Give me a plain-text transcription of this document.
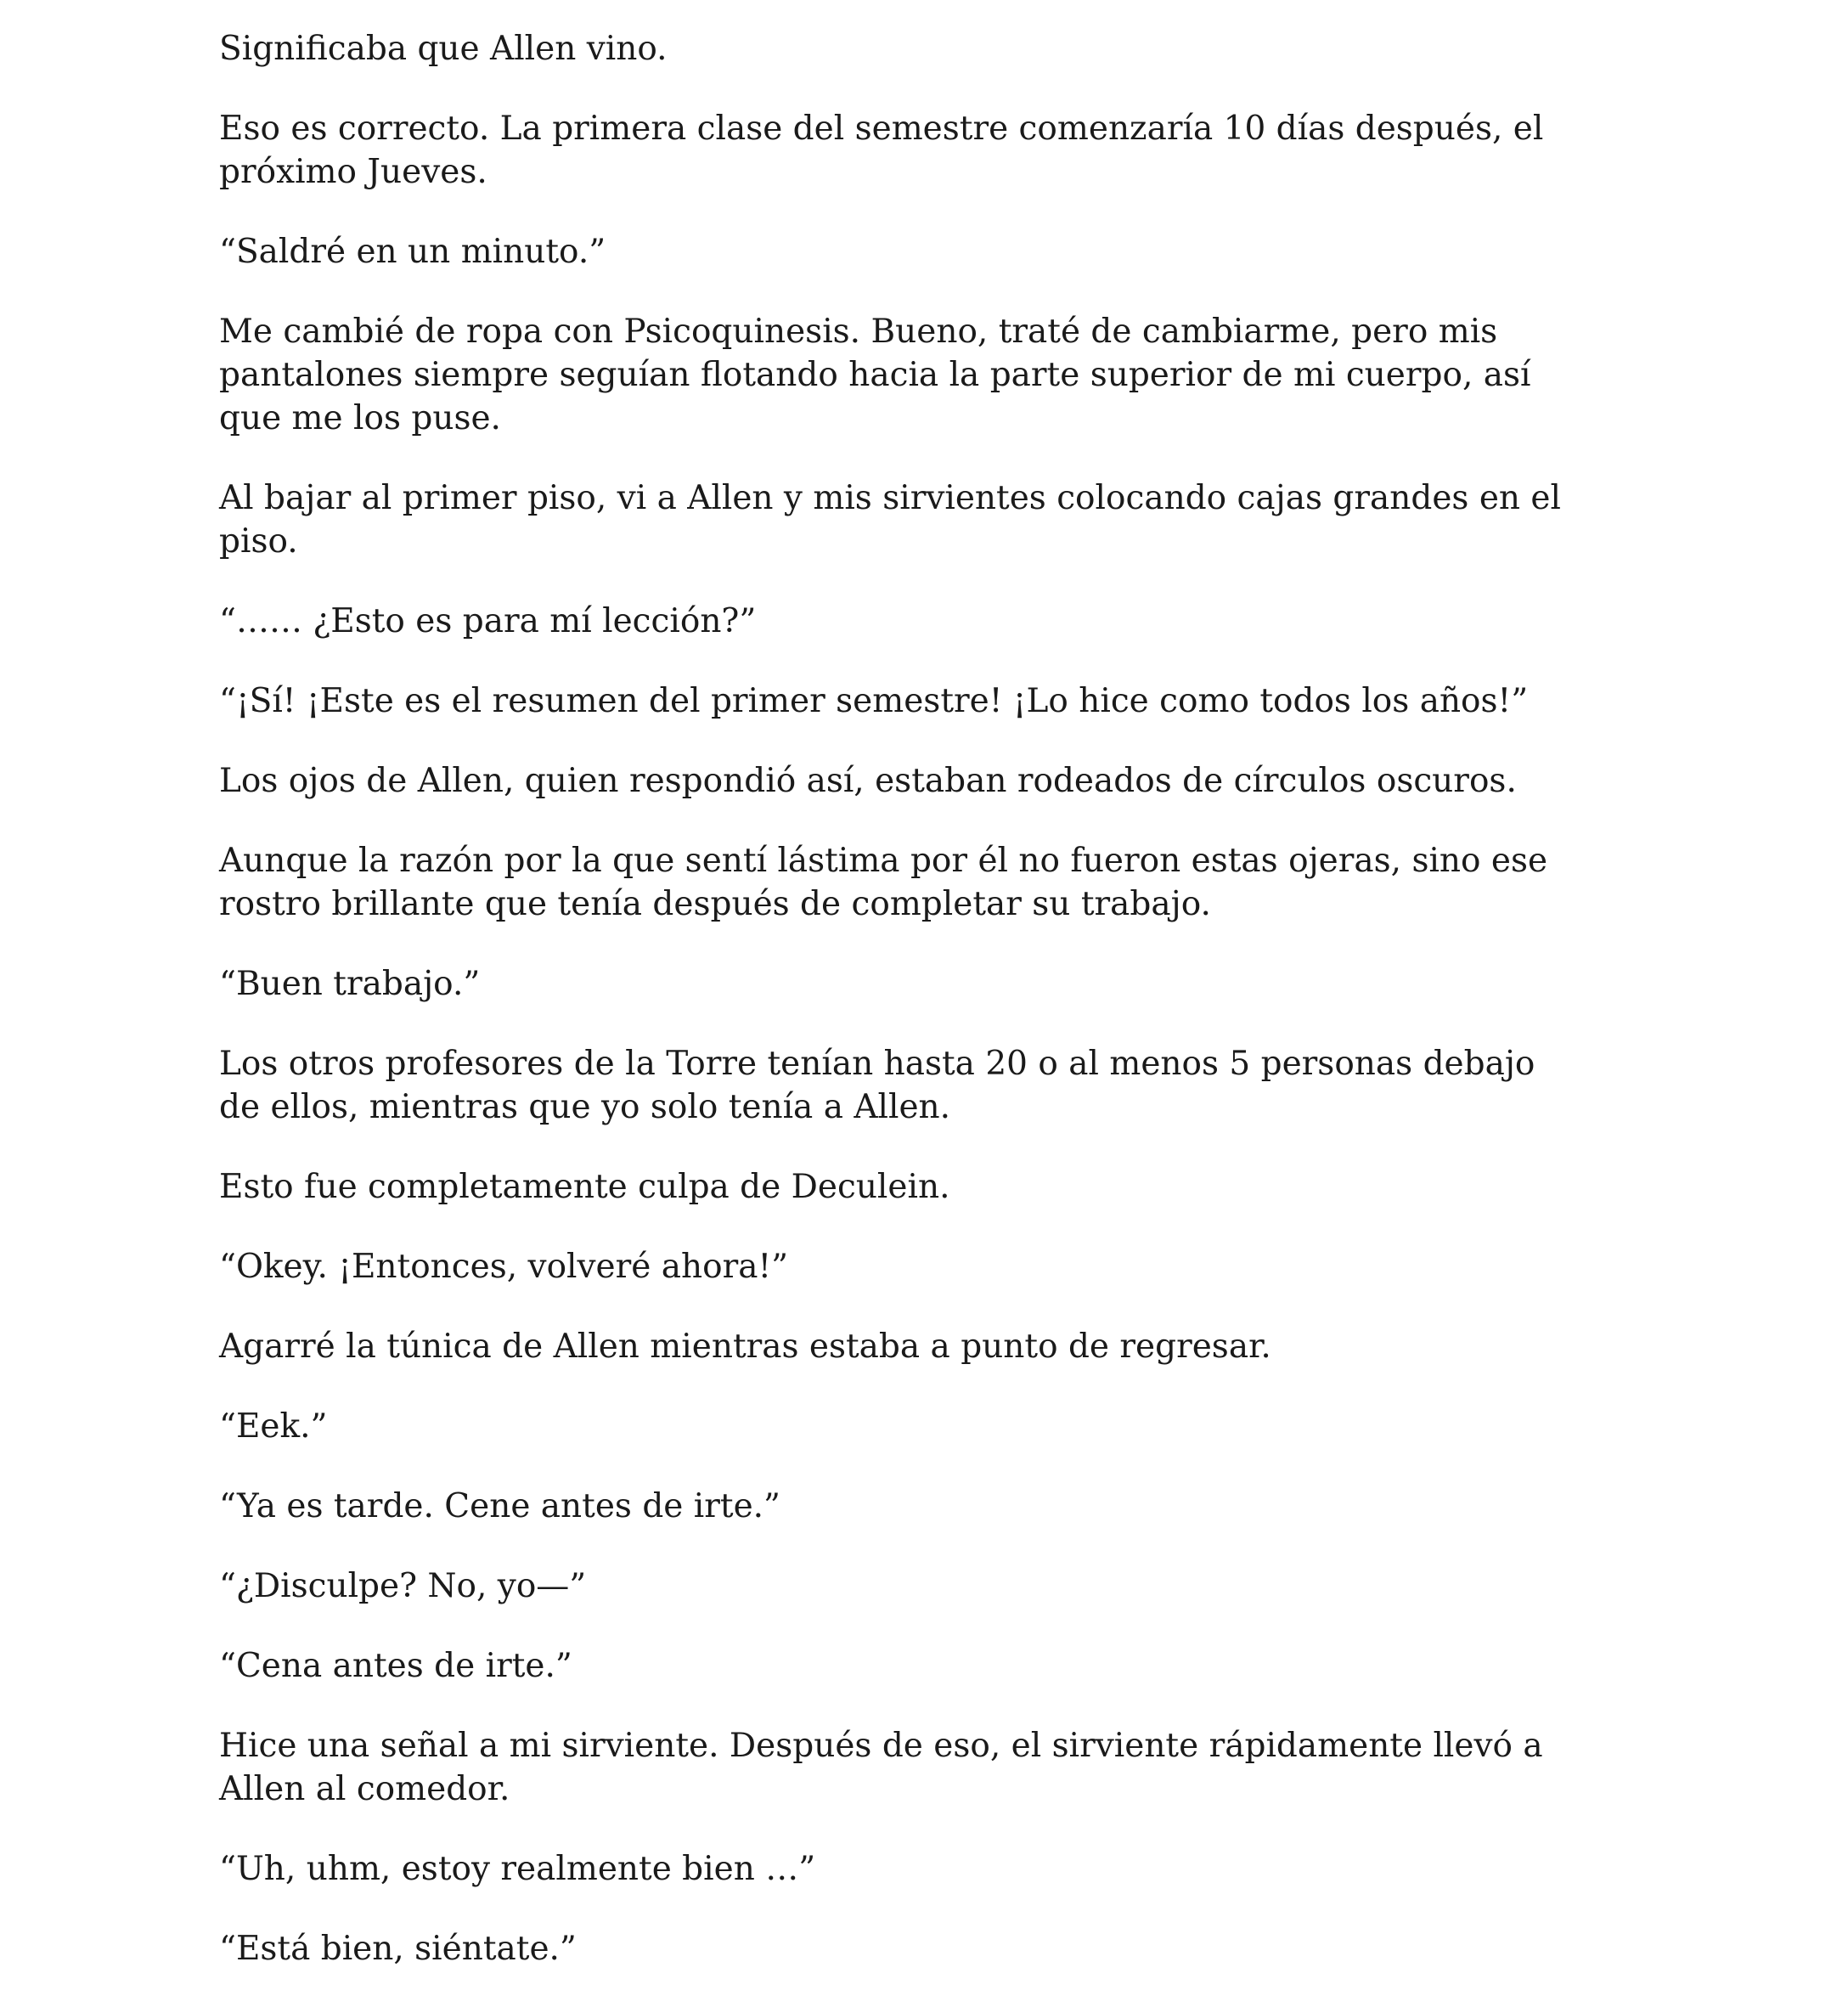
Significaba que Allen vino.

Eso es correcto. La primera clase del semestre comenzaría 10 días después, el próximo Jueves.

“Saldré en un minuto.”

Me cambié de ropa con Psicoquinesis. Bueno, traté de cambiarme, pero mis pantalones siempre seguían flotando hacia la parte superior de mi cuerpo, así que me los puse.

Al bajar al primer piso, vi a Allen y mis sirvientes colocando cajas grandes en el piso.

“…… ¿Esto es para mí lección?”

“¡Sí! ¡Este es el resumen del primer semestre! ¡Lo hice como todos los años!”

Los ojos de Allen, quien respondió así, estaban rodeados de círculos oscuros.

Aunque la razón por la que sentí lástima por él no fueron estas ojeras, sino ese rostro brillante que tenía después de completar su trabajo.

“Buen trabajo.”

Los otros profesores de la Torre tenían hasta 20 o al menos 5 personas debajo de ellos, mientras que yo solo tenía a Allen.

Esto fue completamente culpa de Deculein.

“Okey. ¡Entonces, volveré ahora!”

Agarré la túnica de Allen mientras estaba a punto de regresar.

“Eek.”

“Ya es tarde. Cene antes de irte.”

“¿Disculpe? No, yo—”

“Cena antes de irte.”

Hice una señal a mi sirviente. Después de eso, el sirviente rápidamente llevó a Allen al comedor.

“Uh, uhm, estoy realmente bien …”

“Está bien, siéntate.”
